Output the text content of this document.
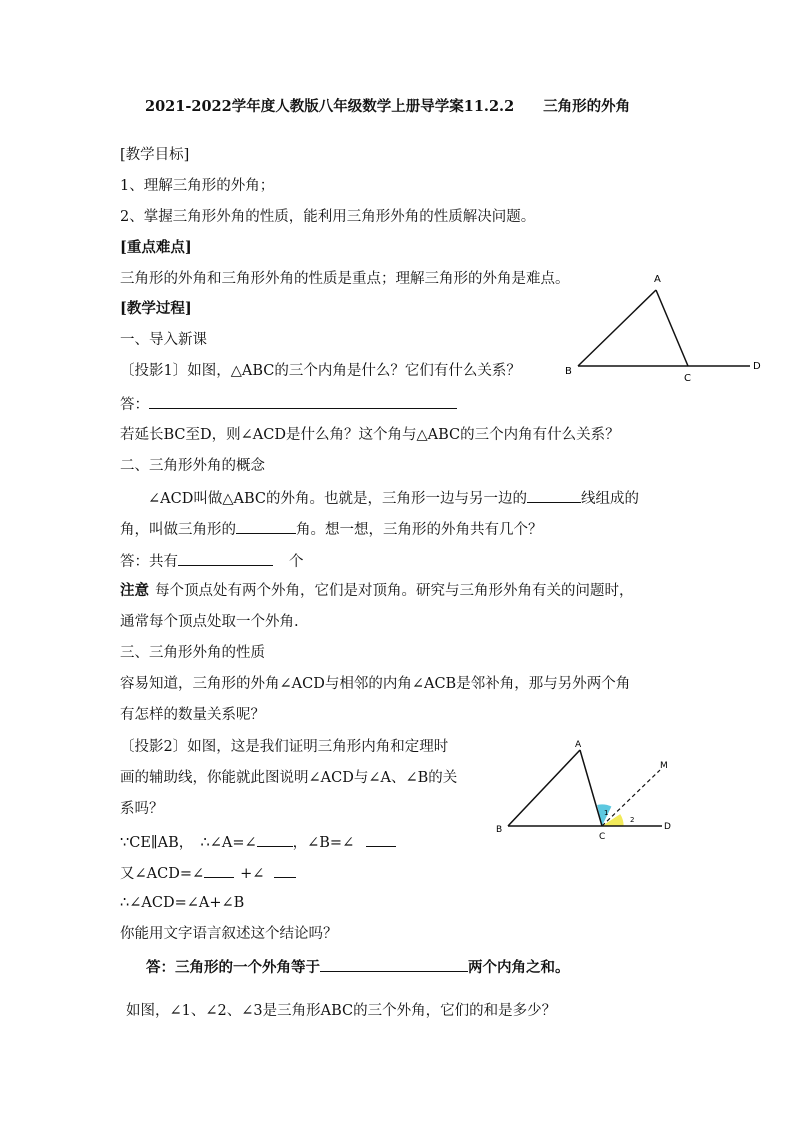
2021-2022学年度人教版八年级数学上册导学案11.2.2　　三角形的外角
[教学目标]
1、理解三角形的外角；
2、掌握三角形外角的性质，能利用三角形外角的性质解决问题。
[重点难点]
三角形的外角和三角形外角的性质是重点；理解三角形的外角是难点。
[教学过程]
一、导入新课
〔投影1〕如图，△ABC的三个内角是什么？它们有什么关系？
答：
若延长BC至D，则∠ACD是什么角？这个角与△ABC的三个内角有什么关系？
二、三角形外角的概念
∠ACD叫做△ABC的外角。也就是，三角形一边与另一边的	线组成的
角，叫做三角形的	角。想一想，三角形的外角共有几个？
答：共有	个
注意 每个顶点处有两个外角，它们是对顶角。研究与三角形外角有关的问题时，
通常每个顶点处取一个外角.
三、三角形外角的性质
容易知道，三角形的外角∠ACD与相邻的内角∠ACB是邻补角，那与另外两个角
有怎样的数量关系呢？
〔投影2〕如图，这是我们证明三角形内角和定理时
画的辅助线，你能就此图说明∠ACD与∠A、∠B的关
系吗？
∵CE∥AB，　∴∠A=∠ ，∠B=∠
又∠ACD=∠ +∠
∴∠ACD=∠A+∠B
你能用文字语言叙述这个结论吗？
答：三角形的一个外角等于	两个内角之和。
如图，∠1、∠2、∠3是三角形ABC的三个外角，它们的和是多少？
A
B
C
D
A
B
C
D
M
1
2
